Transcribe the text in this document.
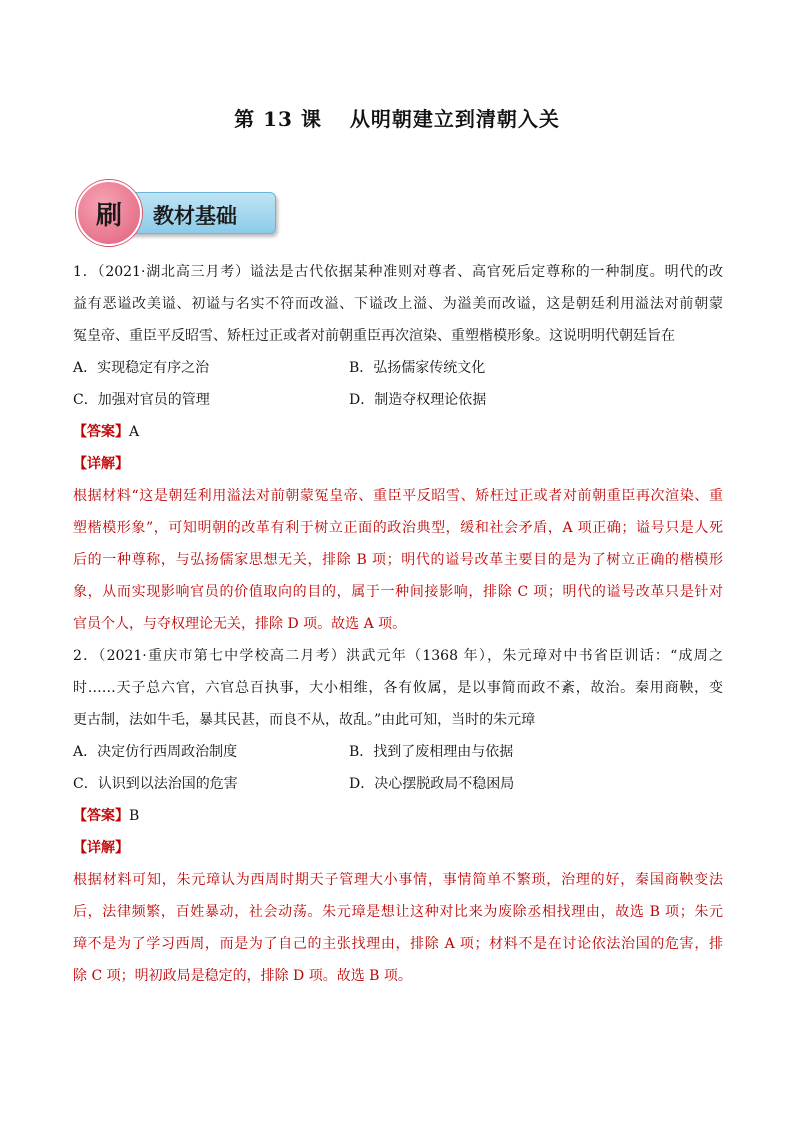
第 13 课 从明朝建立到清朝入关
教材基础
刷
1．（2021·湖北高三月考）谥法是古代依据某种准则对尊者、高官死后定尊称的一种制度。明代的改
益有恶谥改美谥、初谥与名实不符而改溢、下谥改上溢、为溢美而改谥，这是朝廷利用溢法对前朝蒙
冤皇帝、重臣平反昭雪、矫枉过正或者对前朝重臣再次渲染、重塑楷模形象。这说明明代朝廷旨在
A．实现稳定有序之治	B．弘扬儒家传统文化
C．加强对官员的管理	D．制造夺权理论依据
【答案】A
【详解】
根据材料“这是朝廷利用溢法对前朝蒙冤皇帝、重臣平反昭雪、矫枉过正或者对前朝重臣再次渲染、重
塑楷模形象”，可知明朝的改革有利于树立正面的政治典型，缓和社会矛盾，A 项正确；谥号只是人死
后的一种尊称，与弘扬儒家思想无关，排除 B 项；明代的谥号改革主要目的是为了树立正确的楷模形
象，从而实现影响官员的价值取向的目的，属于一种间接影响，排除 C 项；明代的谥号改革只是针对
官员个人，与夺权理论无关，排除 D 项。故选 A 项。
2．（2021·重庆市第七中学校高二月考）洪武元年（1368 年），朱元璋对中书省臣训话：“成周之
时……天子总六官，六官总百执事，大小相维，各有攸属，是以事简而政不紊，故治。秦用商鞅，变
更古制，法如牛毛，暴其民甚，而良不从，故乱。”由此可知，当时的朱元璋
A．决定仿行西周政治制度	B．找到了废相理由与依据
C．认识到以法治国的危害	D．决心摆脱政局不稳困局
【答案】B
【详解】
根据材料可知，朱元璋认为西周时期天子管理大小事情，事情简单不繁琐，治理的好，秦国商鞅变法
后，法律频繁，百姓暴动，社会动荡。朱元璋是想让这种对比来为废除丞相找理由，故选 B 项；朱元
璋不是为了学习西周，而是为了自己的主张找理由，排除 A 项；材料不是在讨论依法治国的危害，排
除 C 项；明初政局是稳定的，排除 D 项。故选 B 项。
